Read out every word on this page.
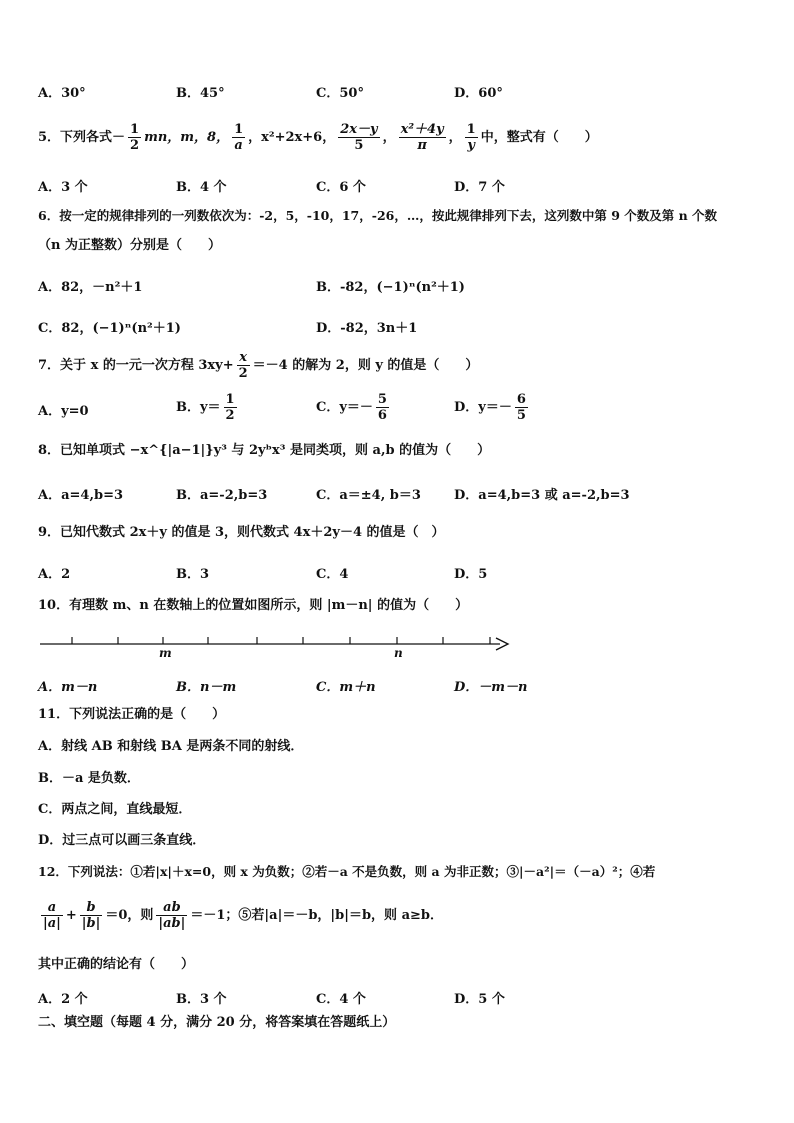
A．30°	B．45°	C．50°	D．60°
5．下列各式－ $\frac{1}{2}$ mn，m，8， $\frac{1}{a}$ ，x²+2x+6， $\frac{2x-y}{5}$ ， $\frac{\text{x²＋4y}}{\pi}$ ， $\frac{1}{y}$ 中，整式有（　　）
A．3 个	B．4 个	C．6 个	D．7 个
6．按一定的规律排列的一列数依次为：-2，5，-10，17，-26，…，按此规律排列下去，这列数中第 9 个数及第 n 个数
（n 为正整数）分别是（　　）
A．82，－n²＋1	B．-82，(−1)ⁿ(n²＋1)
C．82，(−1)ⁿ(n²＋1)	D．-82，3n＋1
7．关于 x 的一元一次方程 $3xy+ \frac{x}{2} =-4$ 的解为 2，则 y 的值是（　　）
A．y=0	B．$y= \frac{1}{2}$	C．$y=- \frac{5}{6}$	D．$y=- \frac{6}{5}$
8．已知单项式 −x^{|a−1|}y³ 与 2yᵇx³ 是同类项，则 a,b 的值为（　　）
A．a=4,b=3	B．a=-2,b=3	C．a＝±4, b＝3	D．a=4,b=3 或 a=-2,b=3
9．已知代数式 2x＋y 的值是 3，则代数式 4x＋2y－4 的值是（　）
A．2	B．3	C．4	D．5
10．有理数 m、n 在数轴上的位置如图所示，则 |m－n| 的值为（　　）
m	n
A．m－n	B．n－m	C．m＋n	D．－m－n
11．下列说法正确的是（　　）
A．射线 AB 和射线 BA 是两条不同的射线．
B．－a 是负数．
C．两点之间，直线最短．
D．过三点可以画三条直线．
12．下列说法：①若|x|＋x=0，则 x 为负数；②若－a 不是负数，则 a 为非正数；③|－a²|＝（－a）²；④若
$\frac{a}{|a|} + \frac{b}{|b|} =0$，则 $\frac{ab}{|ab|} =-1$；⑤若|a|＝－b，|b|＝b，则 a≥b．
其中正确的结论有（　　）
A．2 个	B．3 个	C．4 个	D．5 个
二、填空题（每题 4 分，满分 20 分，将答案填在答题纸上）
